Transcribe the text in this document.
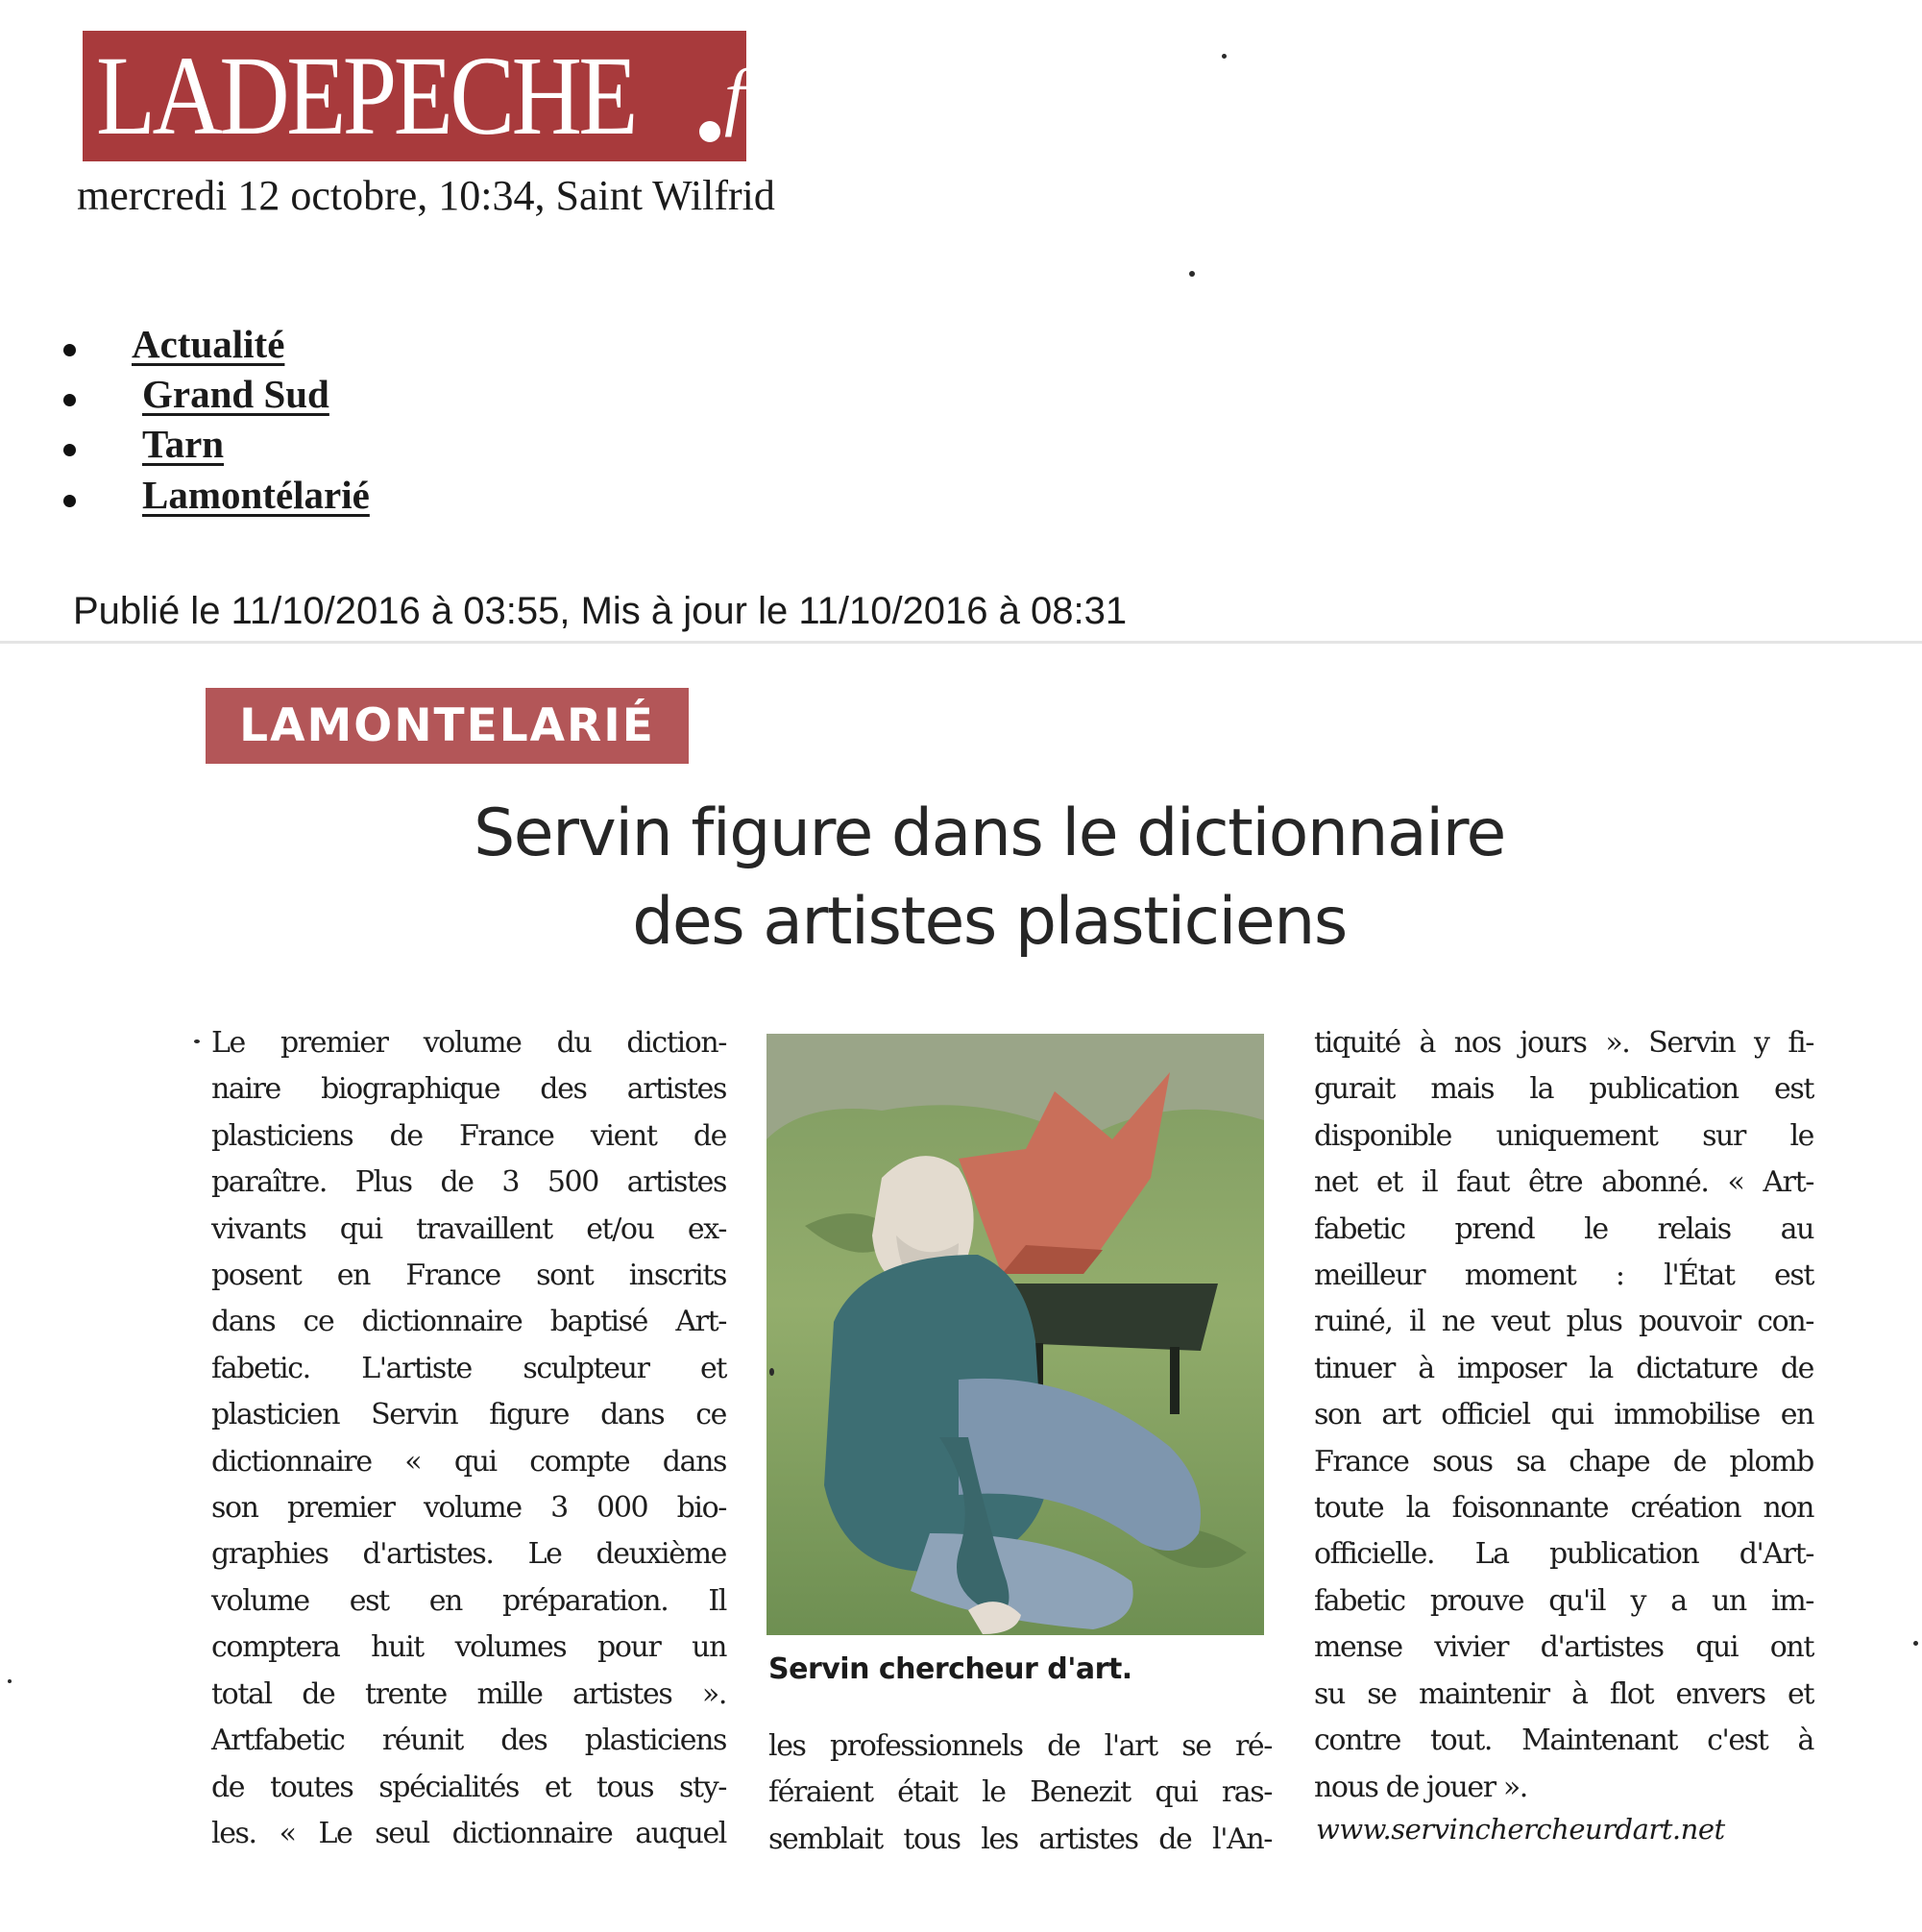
LADEPECHE fr
mercredi 12 octobre, 10:34, Saint Wilfrid
Actualité
Grand Sud
Tarn
Lamontélarié
Publié le 11/10/2016 à 03:55, Mis à jour le 11/10/2016 à 08:31
LAMONTELARIÉ
Servin figure dans le dictionnaire
des artistes plasticiens
Le premier volume du diction-
naire biographique des artistes
plasticiens de France vient de
paraître. Plus de 3 500 artistes
vivants qui travaillent et/ou ex-
posent en France sont inscrits
dans ce dictionnaire baptisé Art-
fabetic. L'artiste sculpteur et
plasticien Servin figure dans ce
dictionnaire « qui compte dans
son premier volume 3 000 bio-
graphies d'artistes. Le deuxième
volume est en préparation. Il
comptera huit volumes pour un
total de trente mille artistes ».
Artfabetic réunit des plasticiens
de toutes spécialités et tous sty-
les. « Le seul dictionnaire auquel
Servin chercheur d'art.
les professionnels de l'art se ré-
féraient était le Benezit qui ras-
semblait tous les artistes de l'An-
tiquité à nos jours ». Servin y fi-
gurait mais la publication est
disponible uniquement sur le
net et il faut être abonné. « Art-
fabetic prend le relais au
meilleur moment : l'État est
ruiné, il ne veut plus pouvoir con-
tinuer à imposer la dictature de
son art officiel qui immobilise en
France sous sa chape de plomb
toute la foisonnante création non
officielle. La publication d'Art-
fabetic prouve qu'il y a un im-
mense vivier d'artistes qui ont
su se maintenir à flot envers et
contre tout. Maintenant c'est à
nous de jouer ».
www.servinchercheurdart.net
